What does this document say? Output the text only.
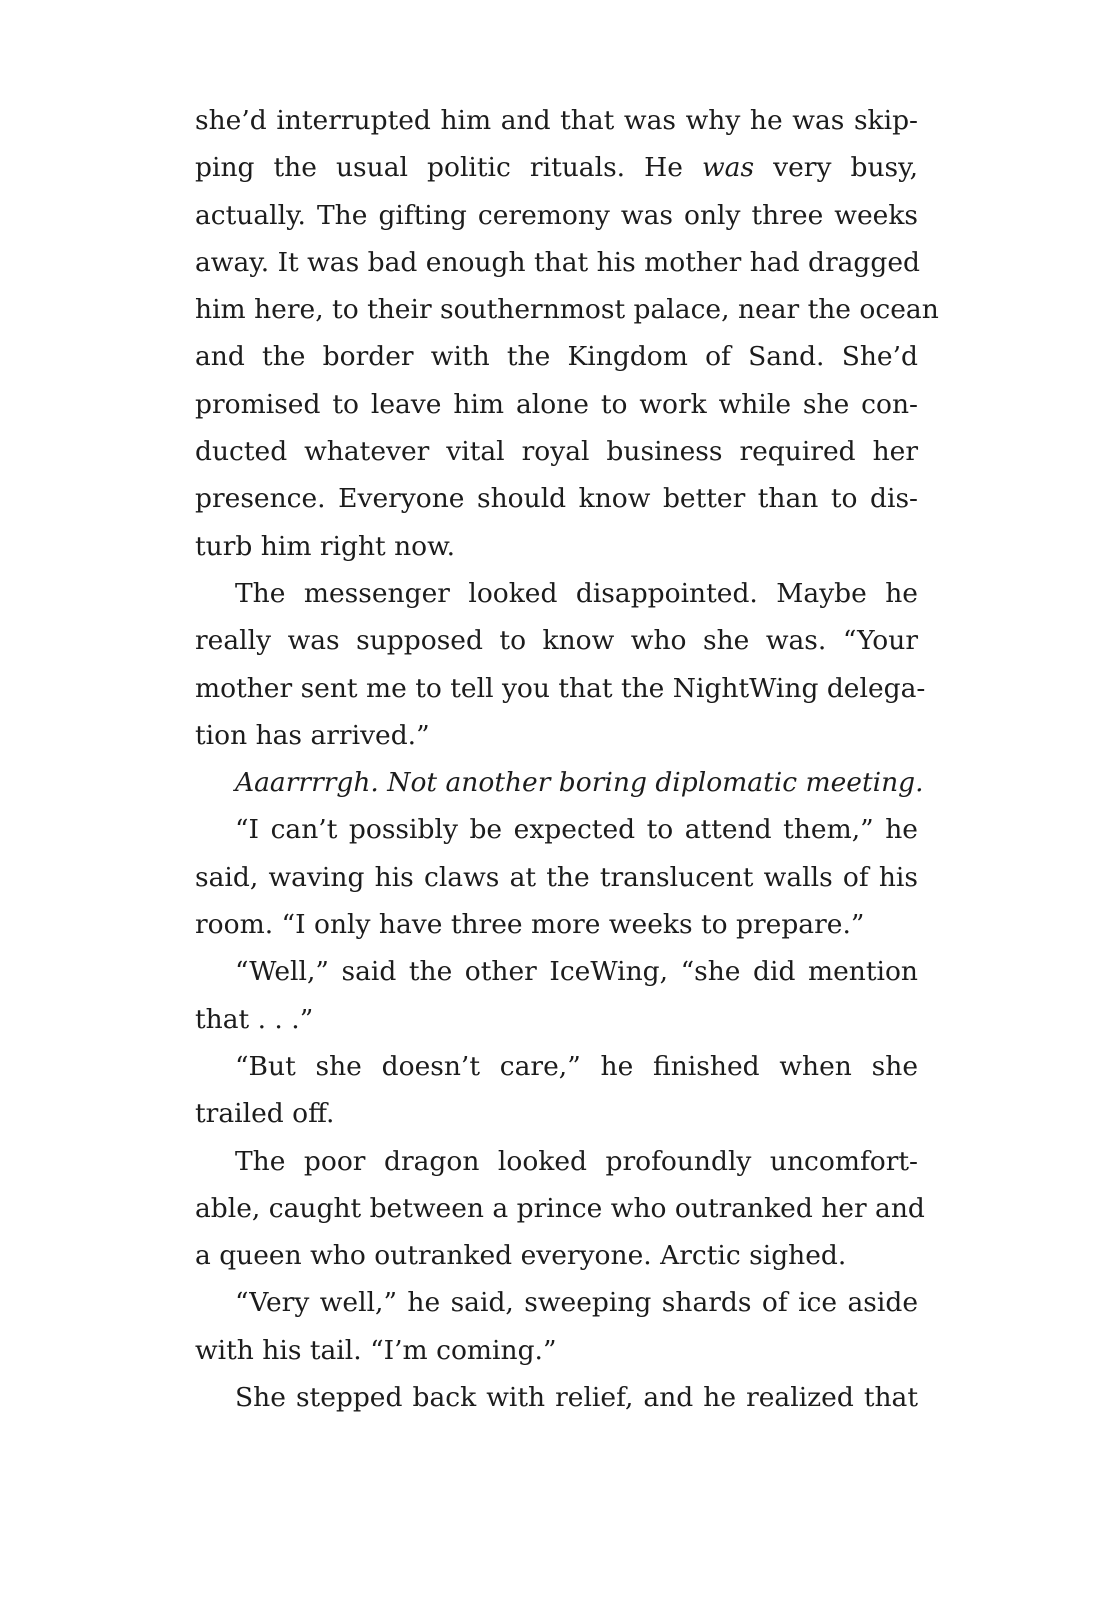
she’d interrupted him and that was why he was skip-
ping the usual politic rituals. He was very busy,
actually. The gifting ceremony was only three weeks
away. It was bad enough that his mother had dragged
him here, to their southernmost palace, near the ocean
and the border with the Kingdom of Sand. She’d
promised to leave him alone to work while she con-
ducted whatever vital royal business required her
presence. Everyone should know better than to dis-
turb him right now.
The messenger looked disappointed. Maybe he
really was supposed to know who she was. “Your
mother sent me to tell you that the NightWing delega-
tion has arrived.”
Aaarrrrgh. Not another boring diplomatic meeting.
“I can’t possibly be expected to attend them,” he
said, waving his claws at the translucent walls of his
room. “I only have three more weeks to prepare.”
“Well,” said the other IceWing, “she did mention
that . . .”
“But she doesn’t care,” he finished when she
trailed off.
The poor dragon looked profoundly uncomfort-
able, caught between a prince who outranked her and
a queen who outranked everyone. Arctic sighed.
“Very well,” he said, sweeping shards of ice aside
with his tail. “I’m coming.”
She stepped back with relief, and he realized that
